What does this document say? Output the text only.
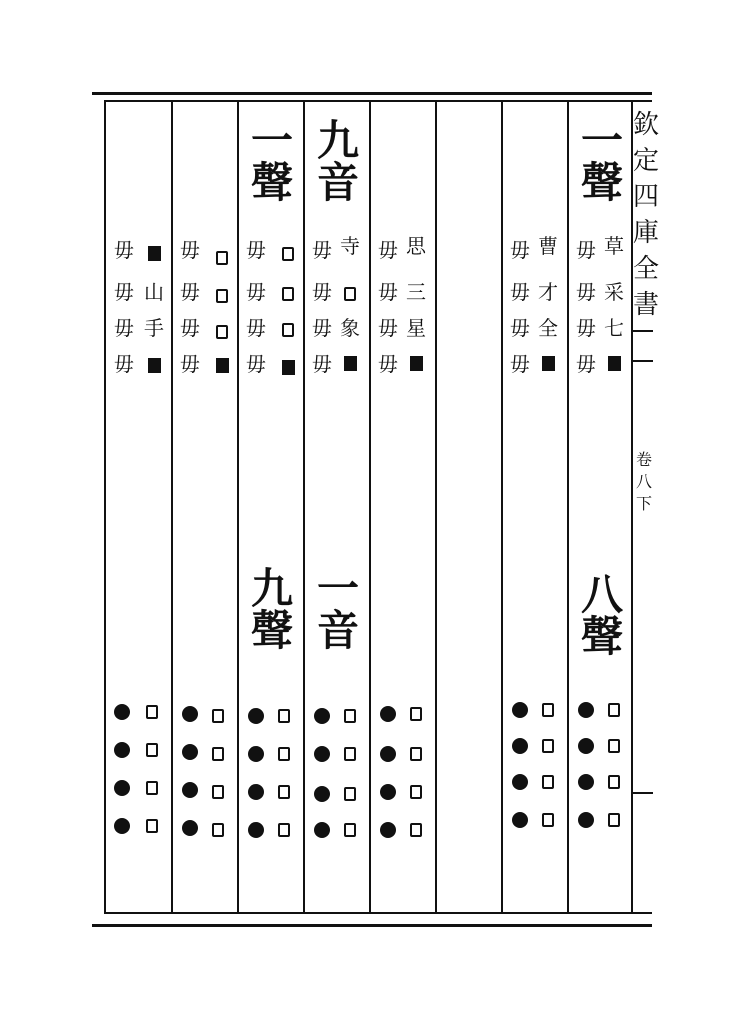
欽
定
四
庫
全
書
卷
八
下
一
聲
毋
毋
毋
毋
草
采
七
八
聲
毋
毋
毋
毋
曹
才
全
毋
毋
毋
毋
思
三
星
九
音
毋
毋
毋
毋
寺
象
一
音
一
聲
毋
毋
毋
毋
九
聲
毋
毋
毋
毋
毋
毋
毋
毋
山
手
